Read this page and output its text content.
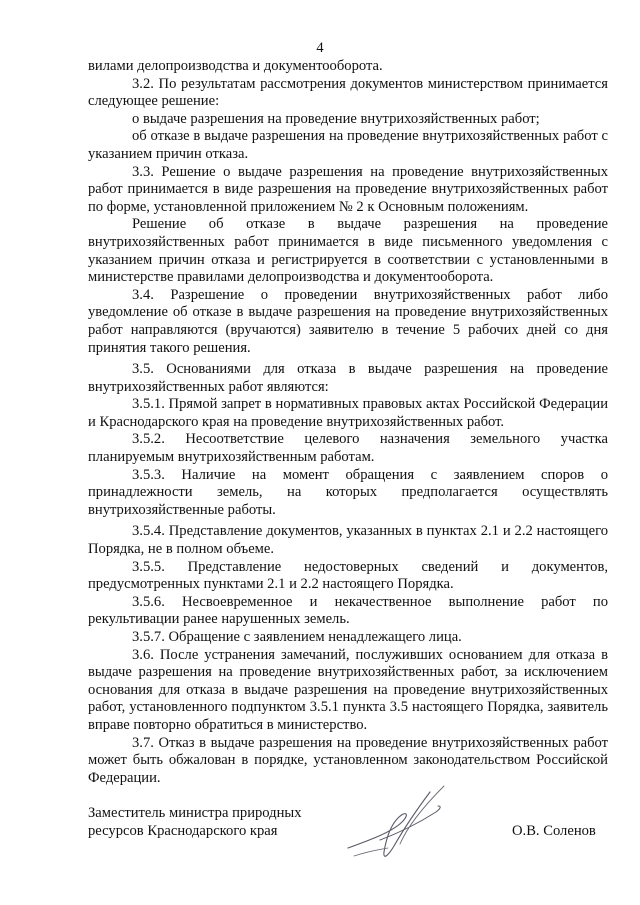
4

вилами делопроизводства и документооборота.

3.2. По результатам рассмотрения документов министерством принимается следующее решение:

о выдаче разрешения на проведение внутрихозяйственных работ;

об отказе в выдаче разрешения на проведение внутрихозяйственных работ с указанием причин отказа.

3.3. Решение о выдаче разрешения на проведение внутрихозяйственных работ принимается в виде разрешения на проведение внутрихозяйственных работ по форме, установленной приложением № 2 к Основным положениям.

Решение об отказе в выдаче разрешения на проведение внутрихозяйственных работ принимается в виде письменного уведомления с указанием причин отказа и регистрируется в соответствии с установленными в министерстве правилами делопроизводства и документооборота.

3.4. Разрешение о проведении внутрихозяйственных работ либо уведомление об отказе в выдаче разрешения на проведение внутрихозяйственных работ направляются (вручаются) заявителю в течение 5 рабочих дней со дня принятия такого решения.

3.5. Основаниями для отказа в выдаче разрешения на проведение внутрихозяйственных работ являются:

3.5.1. Прямой запрет в нормативных правовых актах Российской Федерации и Краснодарского края на проведение внутрихозяйственных работ.

3.5.2. Несоответствие целевого назначения земельного участка планируемым внутрихозяйственным работам.

3.5.3. Наличие на момент обращения с заявлением споров о принадлежности земель, на которых предполагается осуществлять внутрихозяйственные работы.

3.5.4. Представление документов, указанных в пунктах 2.1 и 2.2 настоящего Порядка, не в полном объеме.

3.5.5. Представление недостоверных сведений и документов, предусмотренных пунктами 2.1 и 2.2 настоящего Порядка.

3.5.6. Несвоевременное и некачественное выполнение работ по рекультивации ранее нарушенных земель.

3.5.7. Обращение с заявлением ненадлежащего лица.

3.6. После устранения замечаний, послуживших основанием для отказа в выдаче разрешения на проведение внутрихозяйственных работ, за исключением основания для отказа в выдаче разрешения на проведение внутрихозяйственных работ, установленного подпунктом 3.5.1 пункта 3.5 настоящего Порядка, заявитель вправе повторно обратиться в министерство.

3.7. Отказ в выдаче разрешения на проведение внутрихозяйственных работ может быть обжалован в порядке, установленном законодательством Российской Федерации.

Заместитель министра природных
ресурсов Краснодарского края	О.В. Соленов
